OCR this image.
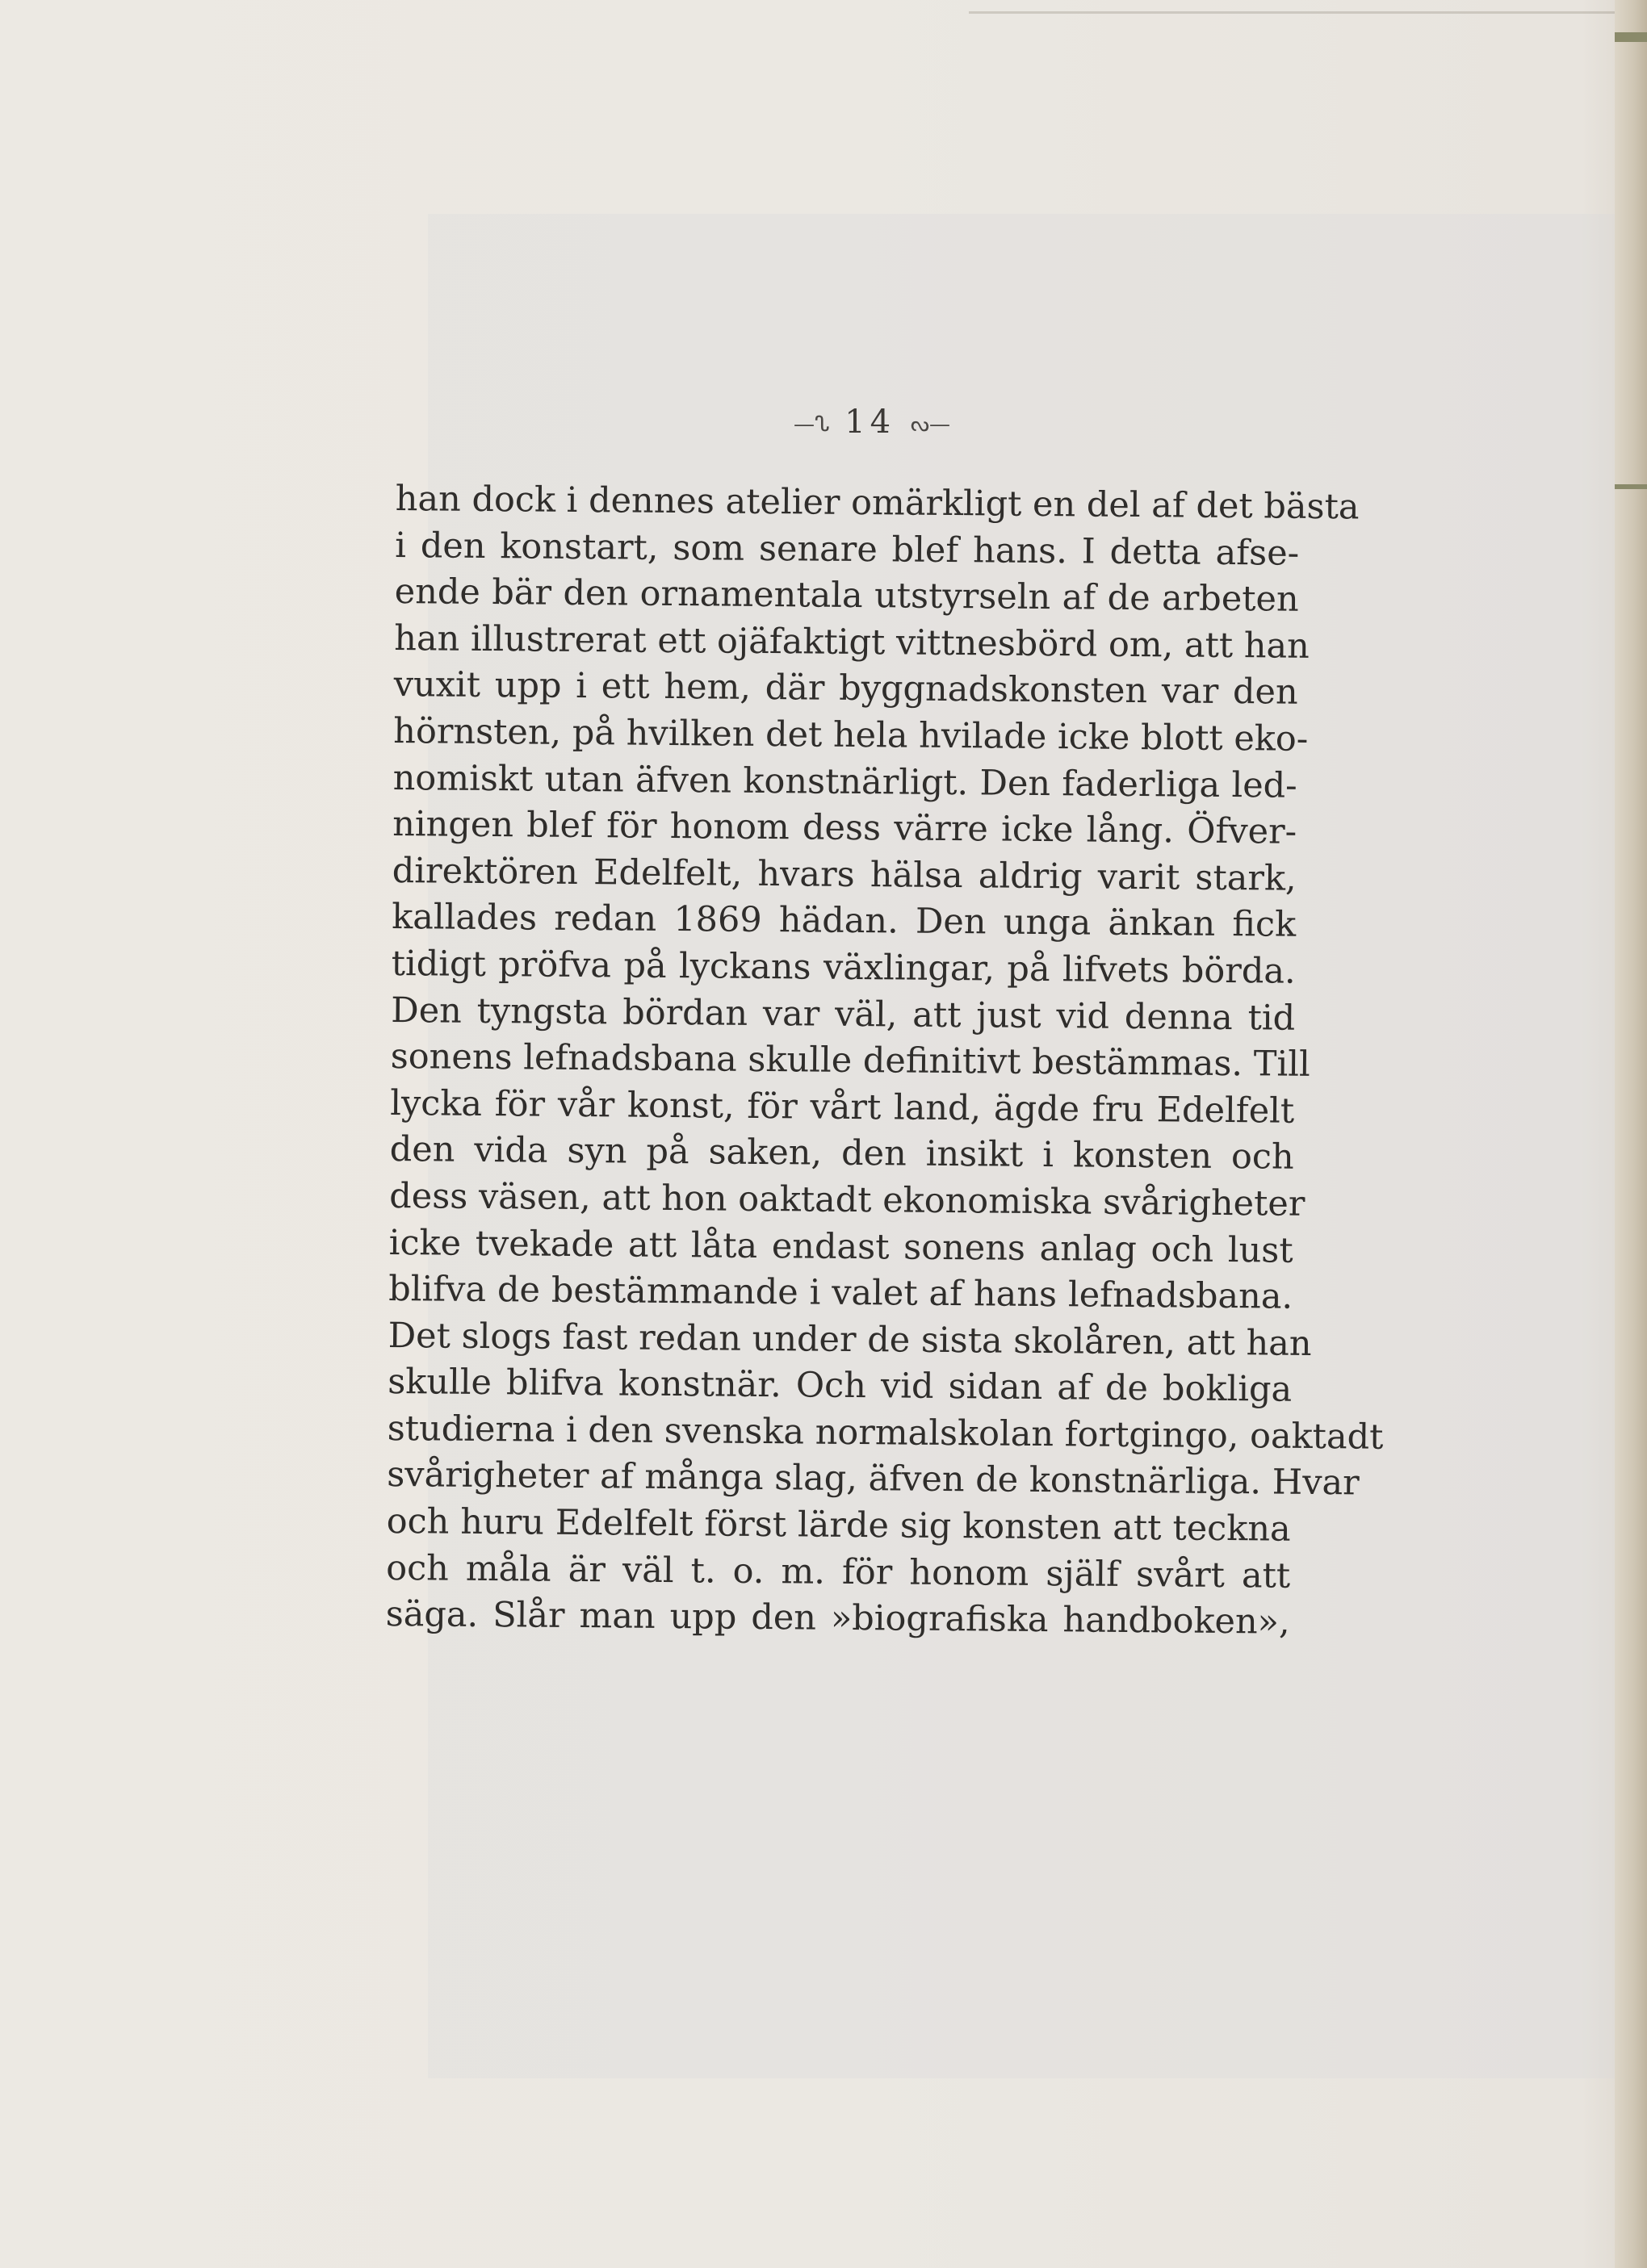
—ᔐ 14 ᔓ—
han dock i dennes atelier omärkligt en del af det bästa
i den konstart, som senare blef hans. I detta afse-
ende bär den ornamentala utstyrseln af de arbeten
han illustrerat ett ojäfaktigt vittnesbörd om, att han
vuxit upp i ett hem, där byggnadskonsten var den
hörnsten, på hvilken det hela hvilade icke blott eko-
nomiskt utan äfven konstnärligt. Den faderliga led-
ningen blef för honom dess värre icke lång. Öfver-
direktören Edelfelt, hvars hälsa aldrig varit stark,
kallades redan 1869 hädan. Den unga änkan fick
tidigt pröfva på lyckans växlingar, på lifvets börda.
Den tyngsta bördan var väl, att just vid denna tid
sonens lefnadsbana skulle definitivt bestämmas. Till
lycka för vår konst, för vårt land, ägde fru Edelfelt
den vida syn på saken, den insikt i konsten och
dess väsen, att hon oaktadt ekonomiska svårigheter
icke tvekade att låta endast sonens anlag och lust
blifva de bestämmande i valet af hans lefnadsbana.
Det slogs fast redan under de sista skolåren, att han
skulle blifva konstnär. Och vid sidan af de bokliga
studierna i den svenska normalskolan fortgingo, oaktadt
svårigheter af många slag, äfven de konstnärliga. Hvar
och huru Edelfelt först lärde sig konsten att teckna
och måla är väl t. o. m. för honom själf svårt att
säga. Slår man upp den »biografiska handboken»,
